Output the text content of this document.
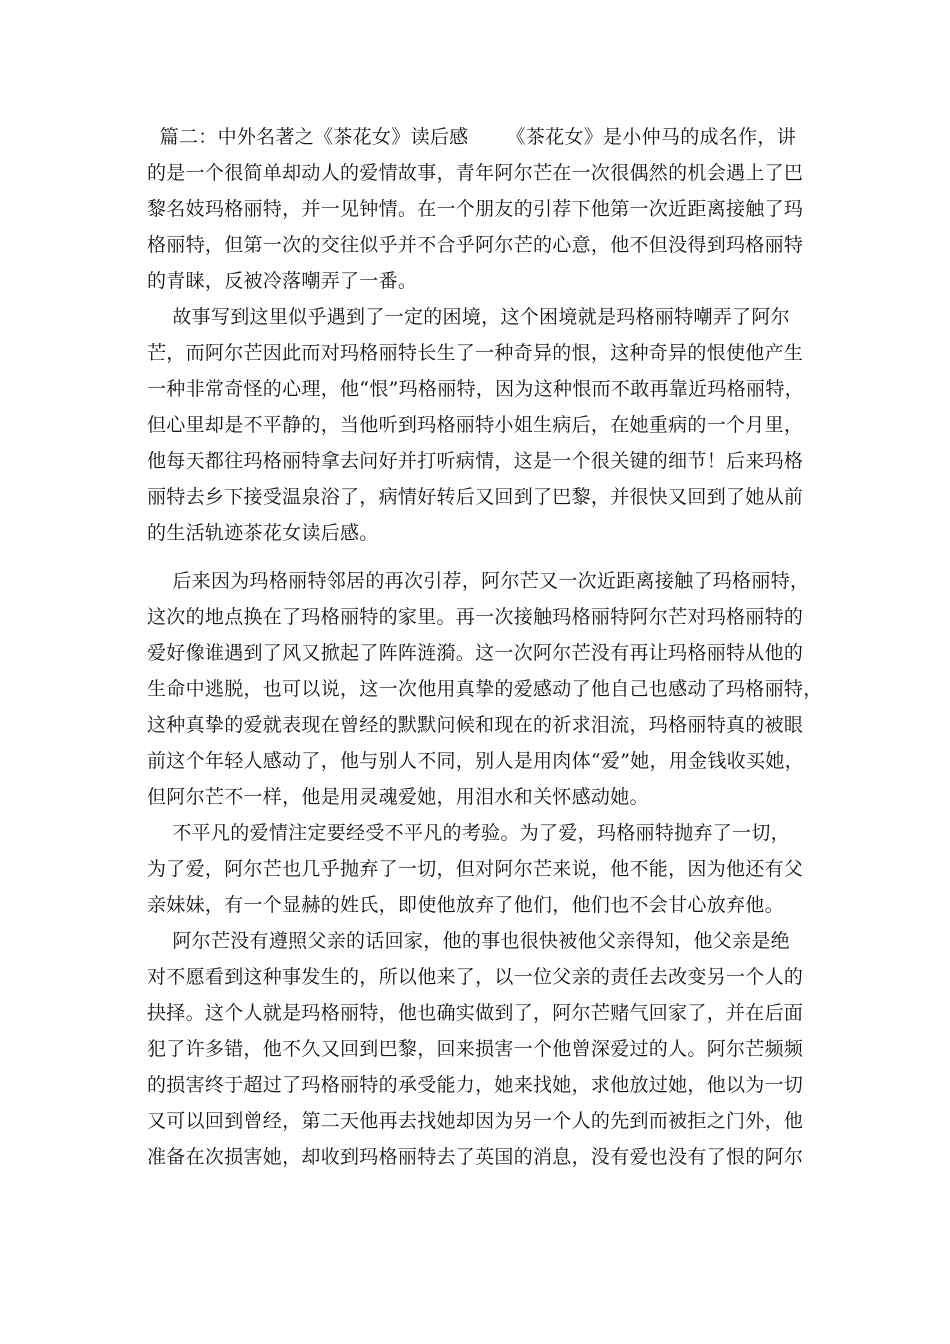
篇二：中外名著之《茶花女》读后感      《茶花女》是小仲马的成名作，讲
的是一个很简单却动人的爱情故事，青年阿尔芒在一次很偶然的机会遇上了巴
黎名妓玛格丽特，并一见钟情。在一个朋友的引荐下他第一次近距离接触了玛
格丽特，但第一次的交往似乎并不合乎阿尔芒的心意，他不但没得到玛格丽特
的青睐，反被冷落嘲弄了一番。
故事写到这里似乎遇到了一定的困境，这个困境就是玛格丽特嘲弄了阿尔
芒，而阿尔芒因此而对玛格丽特长生了一种奇异的恨，这种奇异的恨使他产生
一种非常奇怪的心理，他“恨”玛格丽特，因为这种恨而不敢再靠近玛格丽特，
但心里却是不平静的，当他听到玛格丽特小姐生病后，在她重病的一个月里，
他每天都往玛格丽特拿去问好并打听病情，这是一个很关键的细节！后来玛格
丽特去乡下接受温泉浴了，病情好转后又回到了巴黎，并很快又回到了她从前
的生活轨迹茶花女读后感。
后来因为玛格丽特邻居的再次引荐，阿尔芒又一次近距离接触了玛格丽特，
这次的地点换在了玛格丽特的家里。再一次接触玛格丽特阿尔芒对玛格丽特的
爱好像谁遇到了风又掀起了阵阵涟漪。这一次阿尔芒没有再让玛格丽特从他的
生命中逃脱，也可以说，这一次他用真挚的爱感动了他自己也感动了玛格丽特，
这种真挚的爱就表现在曾经的默默问候和现在的祈求泪流，玛格丽特真的被眼
前这个年轻人感动了，他与别人不同，别人是用肉体“爱”她，用金钱收买她，
但阿尔芒不一样，他是用灵魂爱她，用泪水和关怀感动她。
不平凡的爱情注定要经受不平凡的考验。为了爱，玛格丽特抛弃了一切，
为了爱，阿尔芒也几乎抛弃了一切，但对阿尔芒来说，他不能，因为他还有父
亲妹妹，有一个显赫的姓氏，即使他放弃了他们，他们也不会甘心放弃他。
阿尔芒没有遵照父亲的话回家，他的事也很快被他父亲得知，他父亲是绝
对不愿看到这种事发生的，所以他来了，以一位父亲的责任去改变另一个人的
抉择。这个人就是玛格丽特，他也确实做到了，阿尔芒赌气回家了，并在后面
犯了许多错，他不久又回到巴黎，回来损害一个他曾深爱过的人。阿尔芒频频
的损害终于超过了玛格丽特的承受能力，她来找她，求他放过她，他以为一切
又可以回到曾经，第二天他再去找她却因为另一个人的先到而被拒之门外，他
准备在次损害她，却收到玛格丽特去了英国的消息，没有爱也没有了恨的阿尔
